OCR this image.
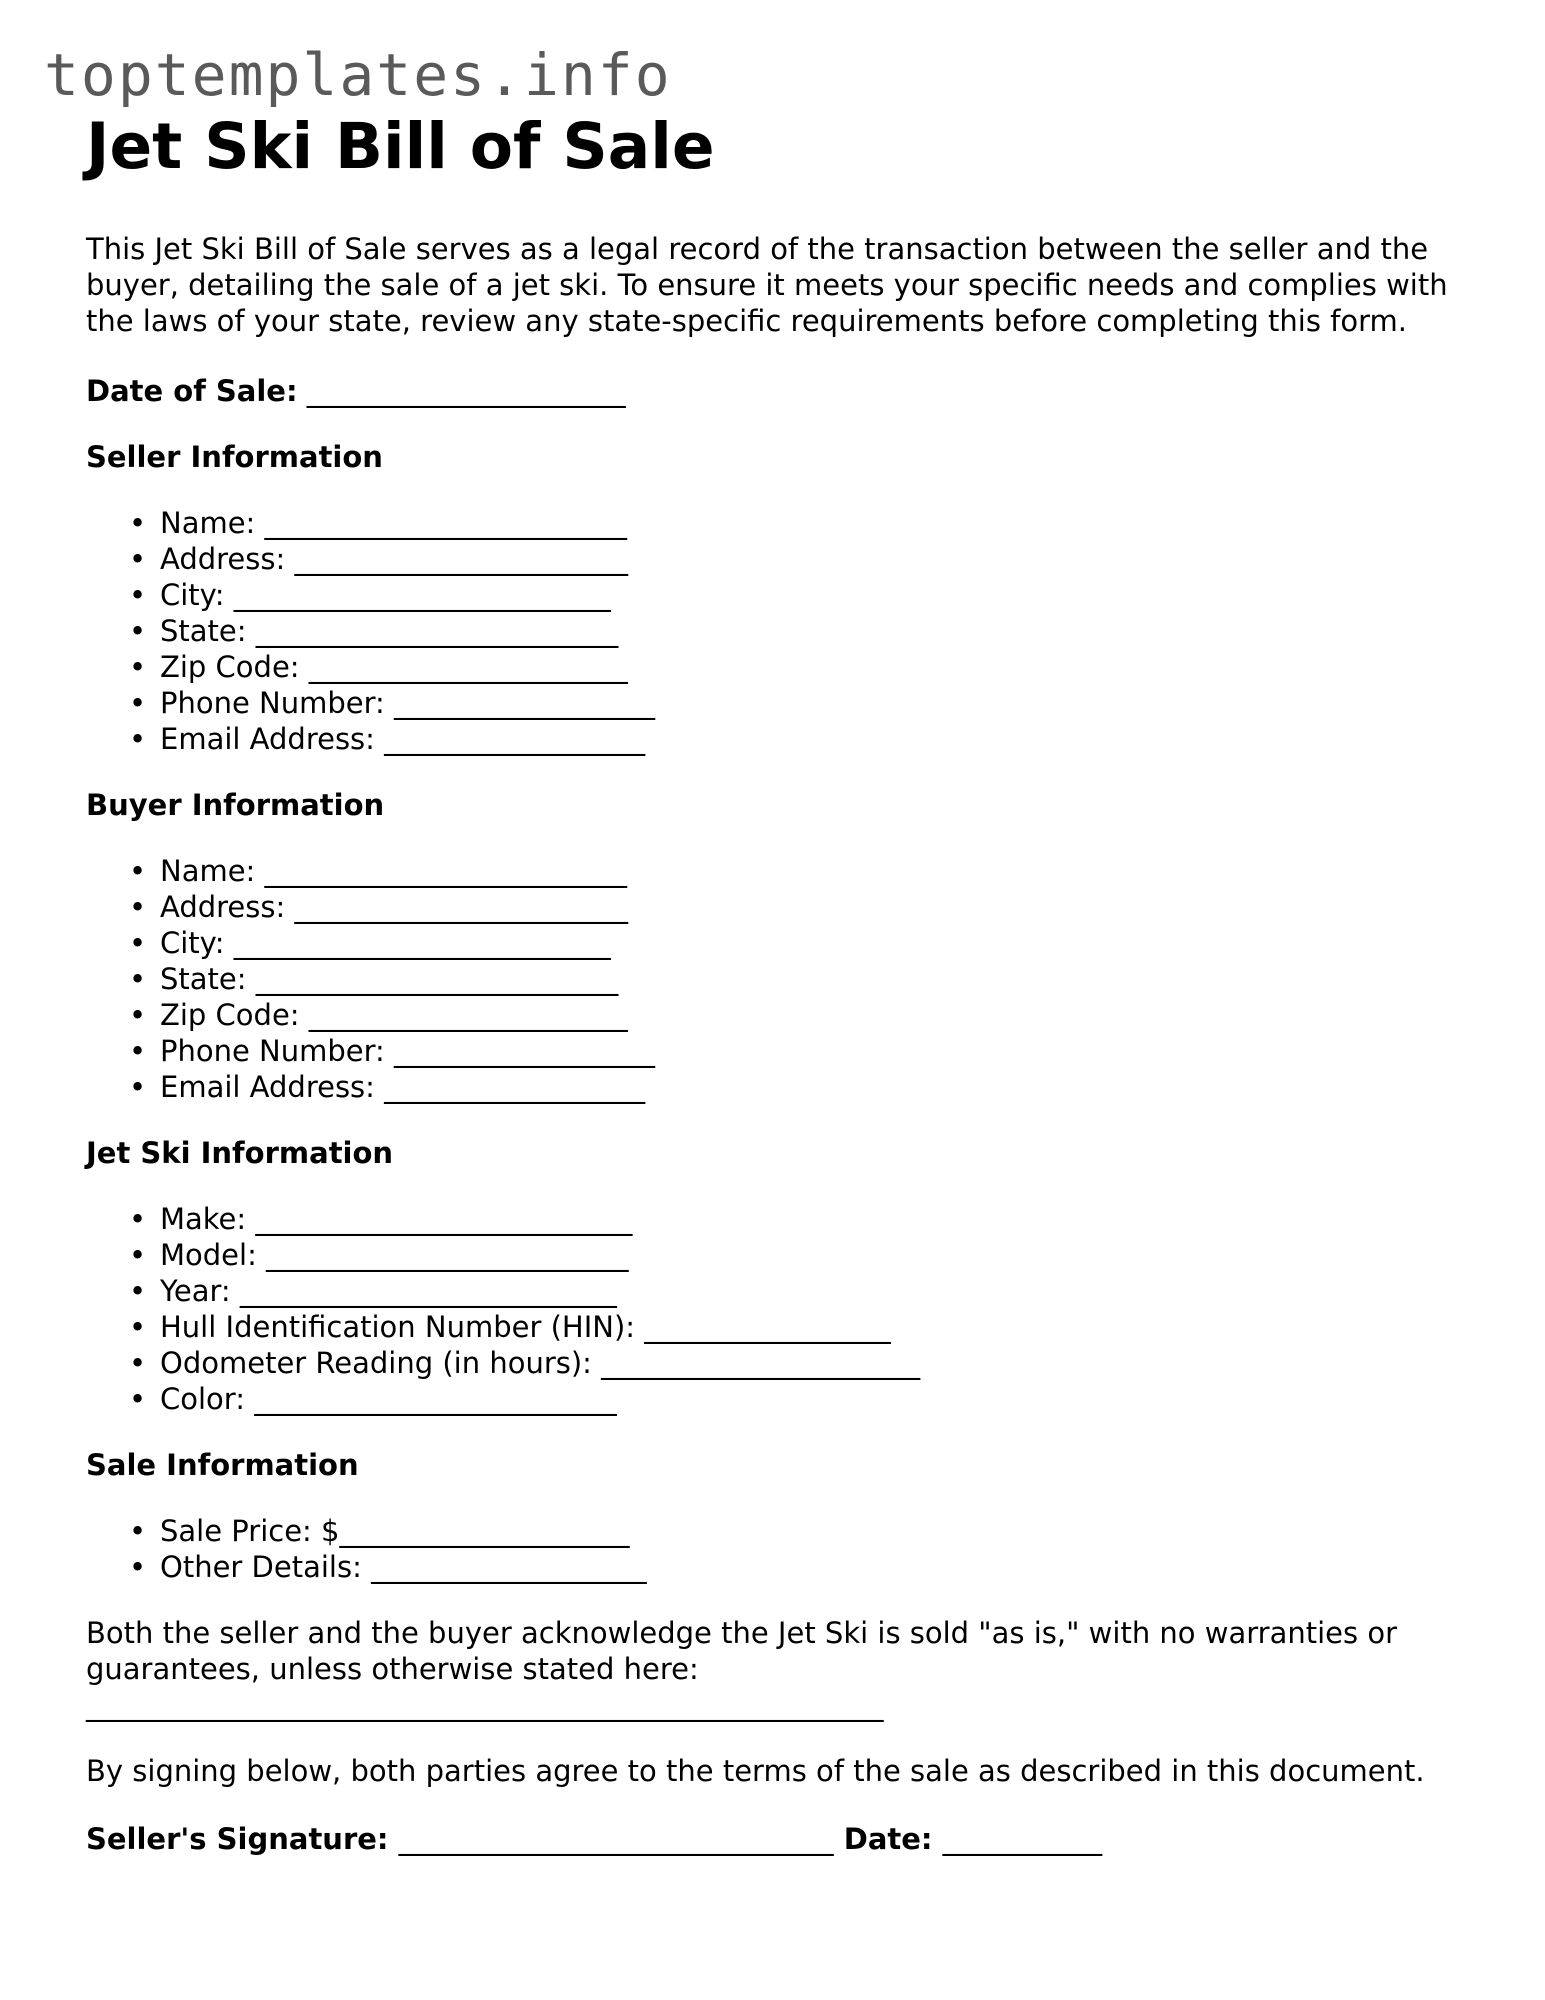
toptemplates.info
Jet Ski Bill of Sale

This Jet Ski Bill of Sale serves as a legal record of the transaction between the seller and the buyer, detailing the sale of a jet ski. To ensure it meets your specific needs and complies with the laws of your state, review any state-specific requirements before completing this form.

Date of Sale: ______________________

Seller Information
• Name: _________________________
• Address: _______________________
• City: __________________________
• State: _________________________
• Zip Code: ______________________
• Phone Number: __________________
• Email Address: __________________
Buyer Information
• Name: _________________________
• Address: _______________________
• City: __________________________
• State: _________________________
• Zip Code: ______________________
• Phone Number: __________________
• Email Address: __________________
Jet Ski Information
• Make: __________________________
• Model: _________________________
• Year: __________________________
• Hull Identification Number (HIN): _________________
• Odometer Reading (in hours): ______________________
• Color: _________________________
Sale Information
• Sale Price: $____________________
• Other Details: ___________________

Both the seller and the buyer acknowledge the Jet Ski is sold "as is," with no warranties or guarantees, unless otherwise stated here:

_______________________________________________________

By signing below, both parties agree to the terms of the sale as described in this document.

Seller's Signature: ______________________________ Date: ___________
